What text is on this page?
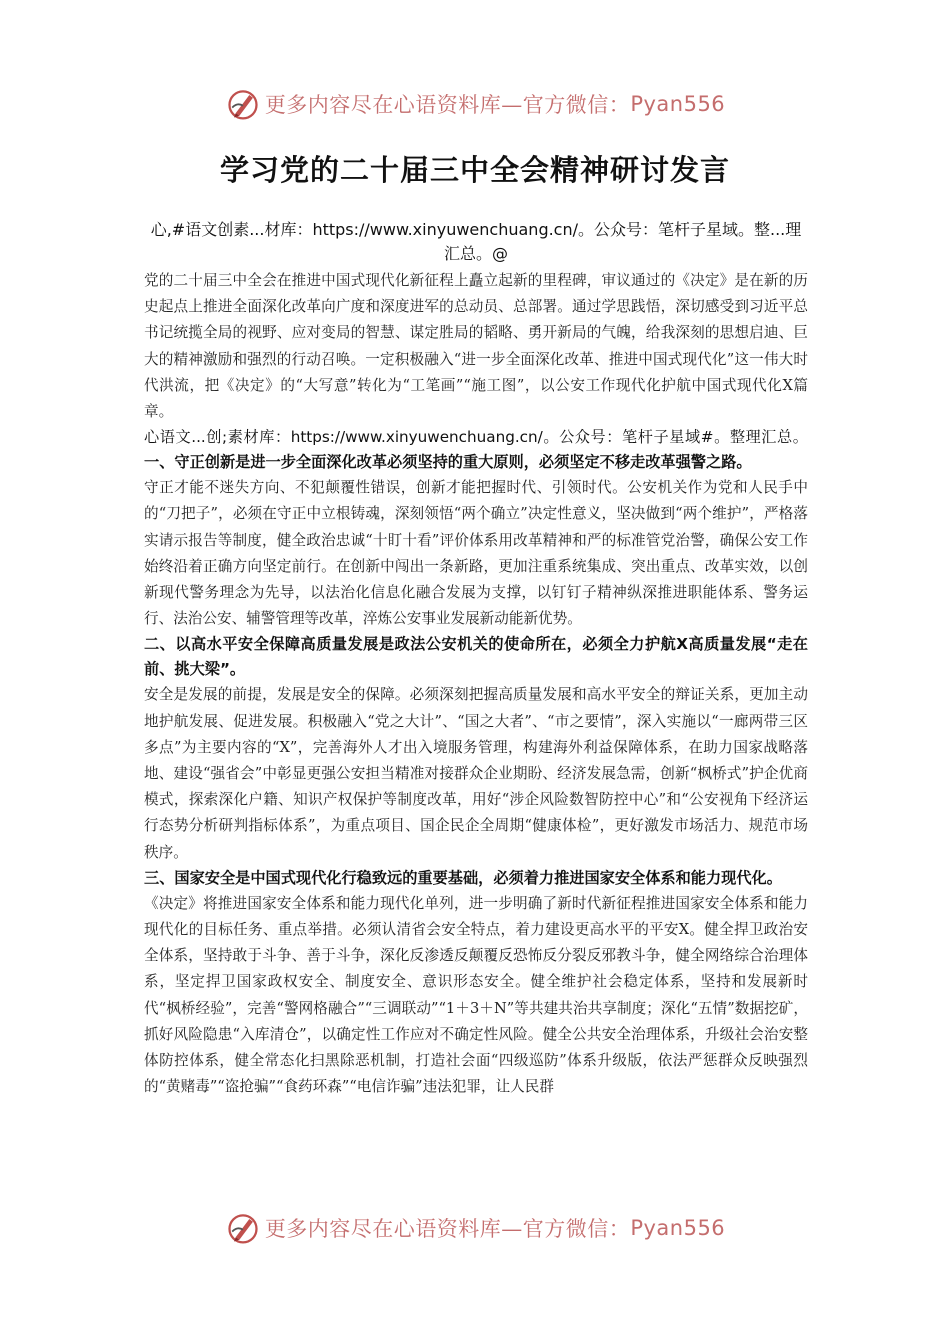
更多内容尽在心语资料库—官方微信： Pyan556
学习党的二十届三中全会精神研讨发言

心,#语文创素...材库：https://www.xinyuwenchuang.cn/。公众号：笔杆子星域。整...理汇总。@

党的二十届三中全会在推进中国式现代化新征程上矗立起新的里程碑，审议通过的《决定》是在新的历史起点上推进全面深化改革向广度和深度进军的总动员、总部署。通过学思践悟，深切感受到习近平总书记统揽全局的视野、应对变局的智慧、谋定胜局的韬略、勇开新局的气魄，给我深刻的思想启迪、巨大的精神激励和强烈的行动召唤。一定积极融入“进一步全面深化改革、推进中国式现代化”这一伟大时代洪流，把《决定》的“大写意”转化为“工笔画”“施工图”，以公安工作现代化护航中国式现代化X篇章。

心语文...创;素材库：https://www.xinyuwenchuang.cn/。公众号：笔杆子星域#。整理汇总。一、守正创新是进一步全面深化改革必须坚持的重大原则，必须坚定不移走改革强警之路。

守正才能不迷失方向、不犯颠覆性错误，创新才能把握时代、引领时代。公安机关作为党和人民手中的“刀把子”，必须在守正中立根铸魂，深刻领悟“两个确立”决定性意义，坚决做到“两个维护”，严格落实请示报告等制度，健全政治忠诚“十盯十看”评价体系用改革精神和严的标准管党治警，确保公安工作始终沿着正确方向坚定前行。在创新中闯出一条新路，更加注重系统集成、突出重点、改革实效，以创新现代警务理念为先导，以法治化信息化融合发展为支撑，以钉钉子精神纵深推进职能体系、警务运行、法治公安、辅警管理等改革，淬炼公安事业发展新动能新优势。

二、以高水平安全保障高质量发展是政法公安机关的使命所在，必须全力护航X高质量发展“走在前、挑大梁”。

安全是发展的前提，发展是安全的保障。必须深刻把握高质量发展和高水平安全的辩证关系，更加主动地护航发展、促进发展。积极融入“党之大计”、“国之大者”、“市之要情”，深入实施以“一廊两带三区多点”为主要内容的“X”，完善海外人才出入境服务管理，构建海外利益保障体系，在助力国家战略落地、建设“强省会”中彰显更强公安担当精准对接群众企业期盼、经济发展急需，创新“枫桥式”护企优商模式，探索深化户籍、知识产权保护等制度改革，用好“涉企风险数智防控中心”和“公安视角下经济运行态势分析研判指标体系”，为重点项目、国企民企全周期“健康体检”，更好激发市场活力、规范市场秩序。

三、国家安全是中国式现代化行稳致远的重要基础，必须着力推进国家安全体系和能力现代化。

《决定》将推进国家安全体系和能力现代化单列，进一步明确了新时代新征程推进国家安全体系和能力现代化的目标任务、重点举措。必须认清省会安全特点，着力建设更高水平的平安X。健全捍卫政治安全体系，坚持敢于斗争、善于斗争，深化反渗透反颠覆反恐怖反分裂反邪教斗争，健全网络综合治理体系，坚定捍卫国家政权安全、制度安全、意识形态安全。健全维护社会稳定体系，坚持和发展新时代“枫桥经验”，完善“警网格融合”“三调联动”“1＋3＋N”等共建共治共享制度；深化“五情”数据挖矿，抓好风险隐患“入库清仓”，以确定性工作应对不确定性风险。健全公共安全治理体系，升级社会治安整体防控体系，健全常态化扫黑除恶机制，打造社会面“四级巡防”体系升级版，依法严惩群众反映强烈的“黄赌毒”“盗抢骗”“食药环森”“电信诈骗”违法犯罪，让人民群

更多内容尽在心语资料库—官方微信： Pyan556
